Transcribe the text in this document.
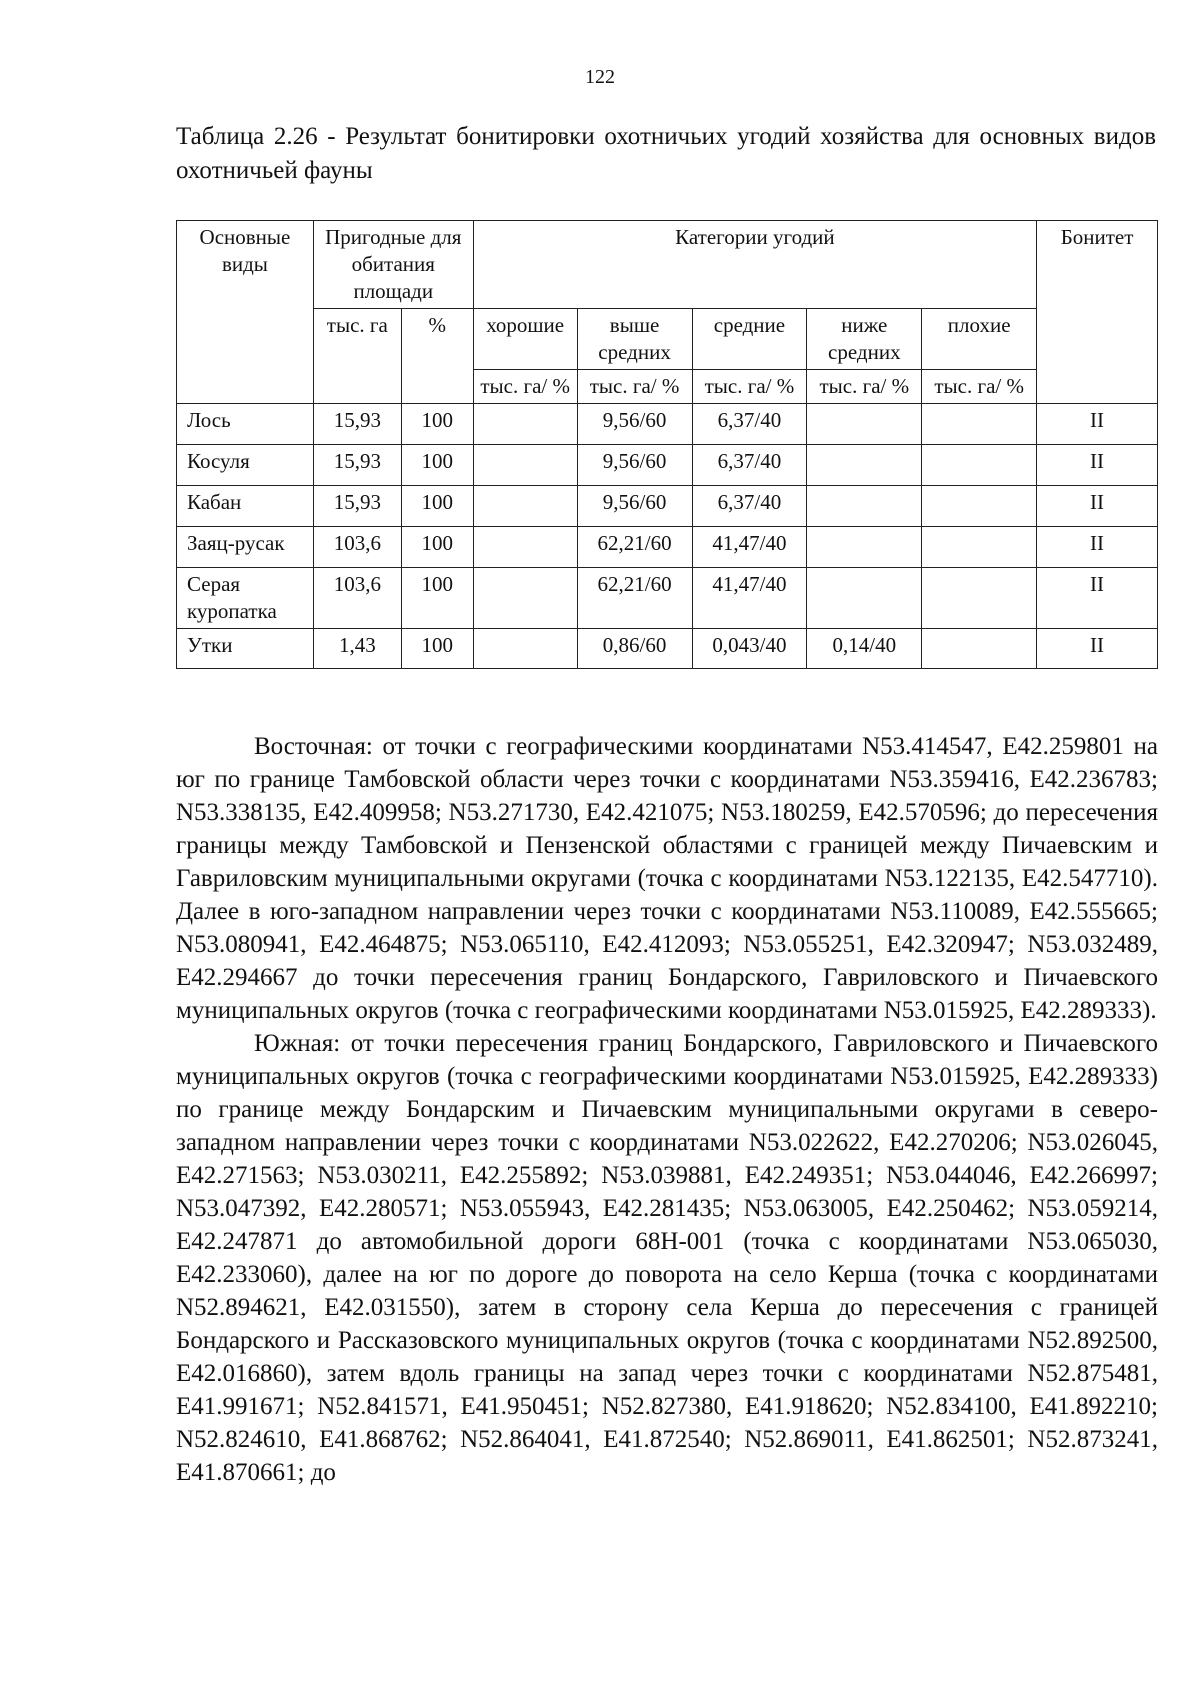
122
Таблица 2.26 - Результат бонитировки охотничьих угодий хозяйства для основных видов охотничьей фауны
Основные виды	Пригодные для обитания площади		Категории угодий					Бонитет
	тыс. га	%	хорошие	выше средних	средние	ниже средних	плохие	
			тыс. га/ %	тыс. га/ %	тыс. га/ %	тыс. га/ %	тыс. га/ %	
Лось	15,93	100		9,56/60	6,37/40			II
Косуля	15,93	100		9,56/60	6,37/40			II
Кабан	15,93	100		9,56/60	6,37/40			II
Заяц-русак	103,6	100		62,21/60	41,47/40			II
Серая куропатка	103,6	100		62,21/60	41,47/40			II
Утки	1,43	100		0,86/60	0,043/40	0,14/40		II

Восточная: от точки с географическими координатами N53.414547, E42.259801 на юг по границе Тамбовской области через точки с координатами N53.359416, E42.236783; N53.338135, E42.409958; N53.271730, E42.421075; N53.180259, E42.570596; до пересечения границы между Тамбовской и Пензенской областями с границей между Пичаевским и Гавриловским муниципальными округами (точка с координатами N53.122135, E42.547710). Далее в юго-западном направлении через точки с координатами N53.110089, E42.555665; N53.080941, E42.464875; N53.065110, E42.412093; N53.055251, E42.320947; N53.032489, E42.294667 до точки пересечения границ Бондарского, Гавриловского и Пичаевского муниципальных округов (точка с географическими координатами N53.015925, E42.289333).

Южная: от точки пересечения границ Бондарского, Гавриловского и Пичаевского муниципальных округов (точка с географическими координатами N53.015925, E42.289333) по границе между Бондарским и Пичаевским муниципальными округами в северо-западном направлении через точки с координатами N53.022622, E42.270206; N53.026045, E42.271563; N53.030211, E42.255892; N53.039881, E42.249351; N53.044046, E42.266997; N53.047392, E42.280571; N53.055943, E42.281435; N53.063005, E42.250462; N53.059214, E42.247871 до автомобильной дороги 68Н-001 (точка с координатами N53.065030, E42.233060), далее на юг по дороге до поворота на село Керша (точка с координатами N52.894621, E42.031550), затем в сторону села Керша до пересечения с границей Бондарского и Рассказовского муниципальных округов (точка с координатами N52.892500, E42.016860), затем вдоль границы на запад через точки с координатами N52.875481, E41.991671; N52.841571, E41.950451; N52.827380, E41.918620; N52.834100, E41.892210; N52.824610, E41.868762; N52.864041, E41.872540; N52.869011, E41.862501; N52.873241, E41.870661; до
